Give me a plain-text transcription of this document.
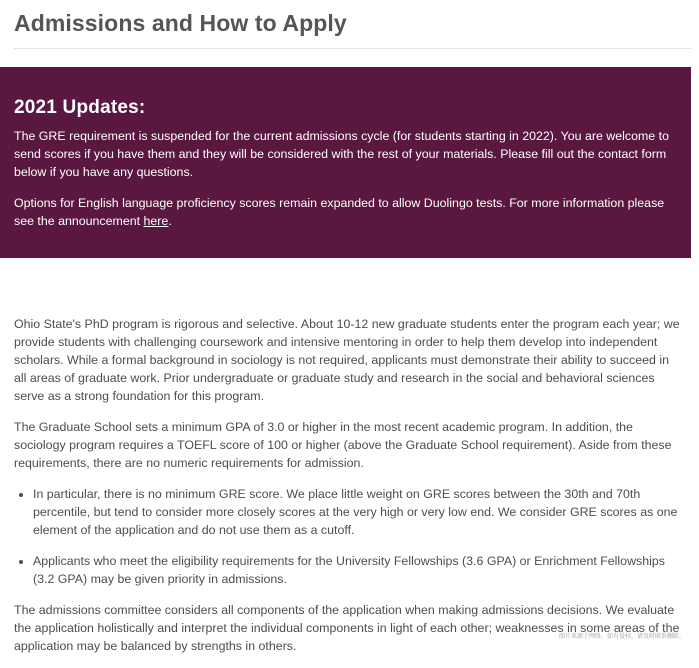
Admissions and How to Apply
2021 Updates:

The GRE requirement is suspended for the current admissions cycle (for students starting in 2022). You are welcome to send scores if you have them and they will be considered with the rest of your materials. Please fill out the contact form below if you have any questions.

Options for English language proficiency scores remain expanded to allow Duolingo tests. For more information please see the announcement here.

Ohio State's PhD program is rigorous and selective. About 10-12 new graduate students enter the program each year; we provide students with challenging coursework and intensive mentoring in order to help them develop into independent scholars. While a formal background in sociology is not required, applicants must demonstrate their ability to succeed in all areas of graduate work. Prior undergraduate or graduate study and research in the social and behavioral sciences serve as a strong foundation for this program.

The Graduate School sets a minimum GPA of 3.0 or higher in the most recent academic program. In addition, the sociology program requires a TOEFL score of 100 or higher (above the Graduate School requirement). Aside from these requirements, there are no numeric requirements for admission.

• In particular, there is no minimum GRE score. We place little weight on GRE scores between the 30th and 70th percentile, but tend to consider more closely scores at the very high or very low end. We consider GRE scores as one element of the application and do not use them as a cutoff.
• Applicants who meet the eligibility requirements for the University Fellowships (3.6 GPA) or Enrichment Fellowships (3.2 GPA) may be given priority in admissions.

The admissions committee considers all components of the application when making admissions decisions. We evaluate the application holistically and interpret the individual components in light of each other; weaknesses in some areas of the application may be balanced by strengths in others.

图片来源于网络，如有侵权，请及时联系删除。
